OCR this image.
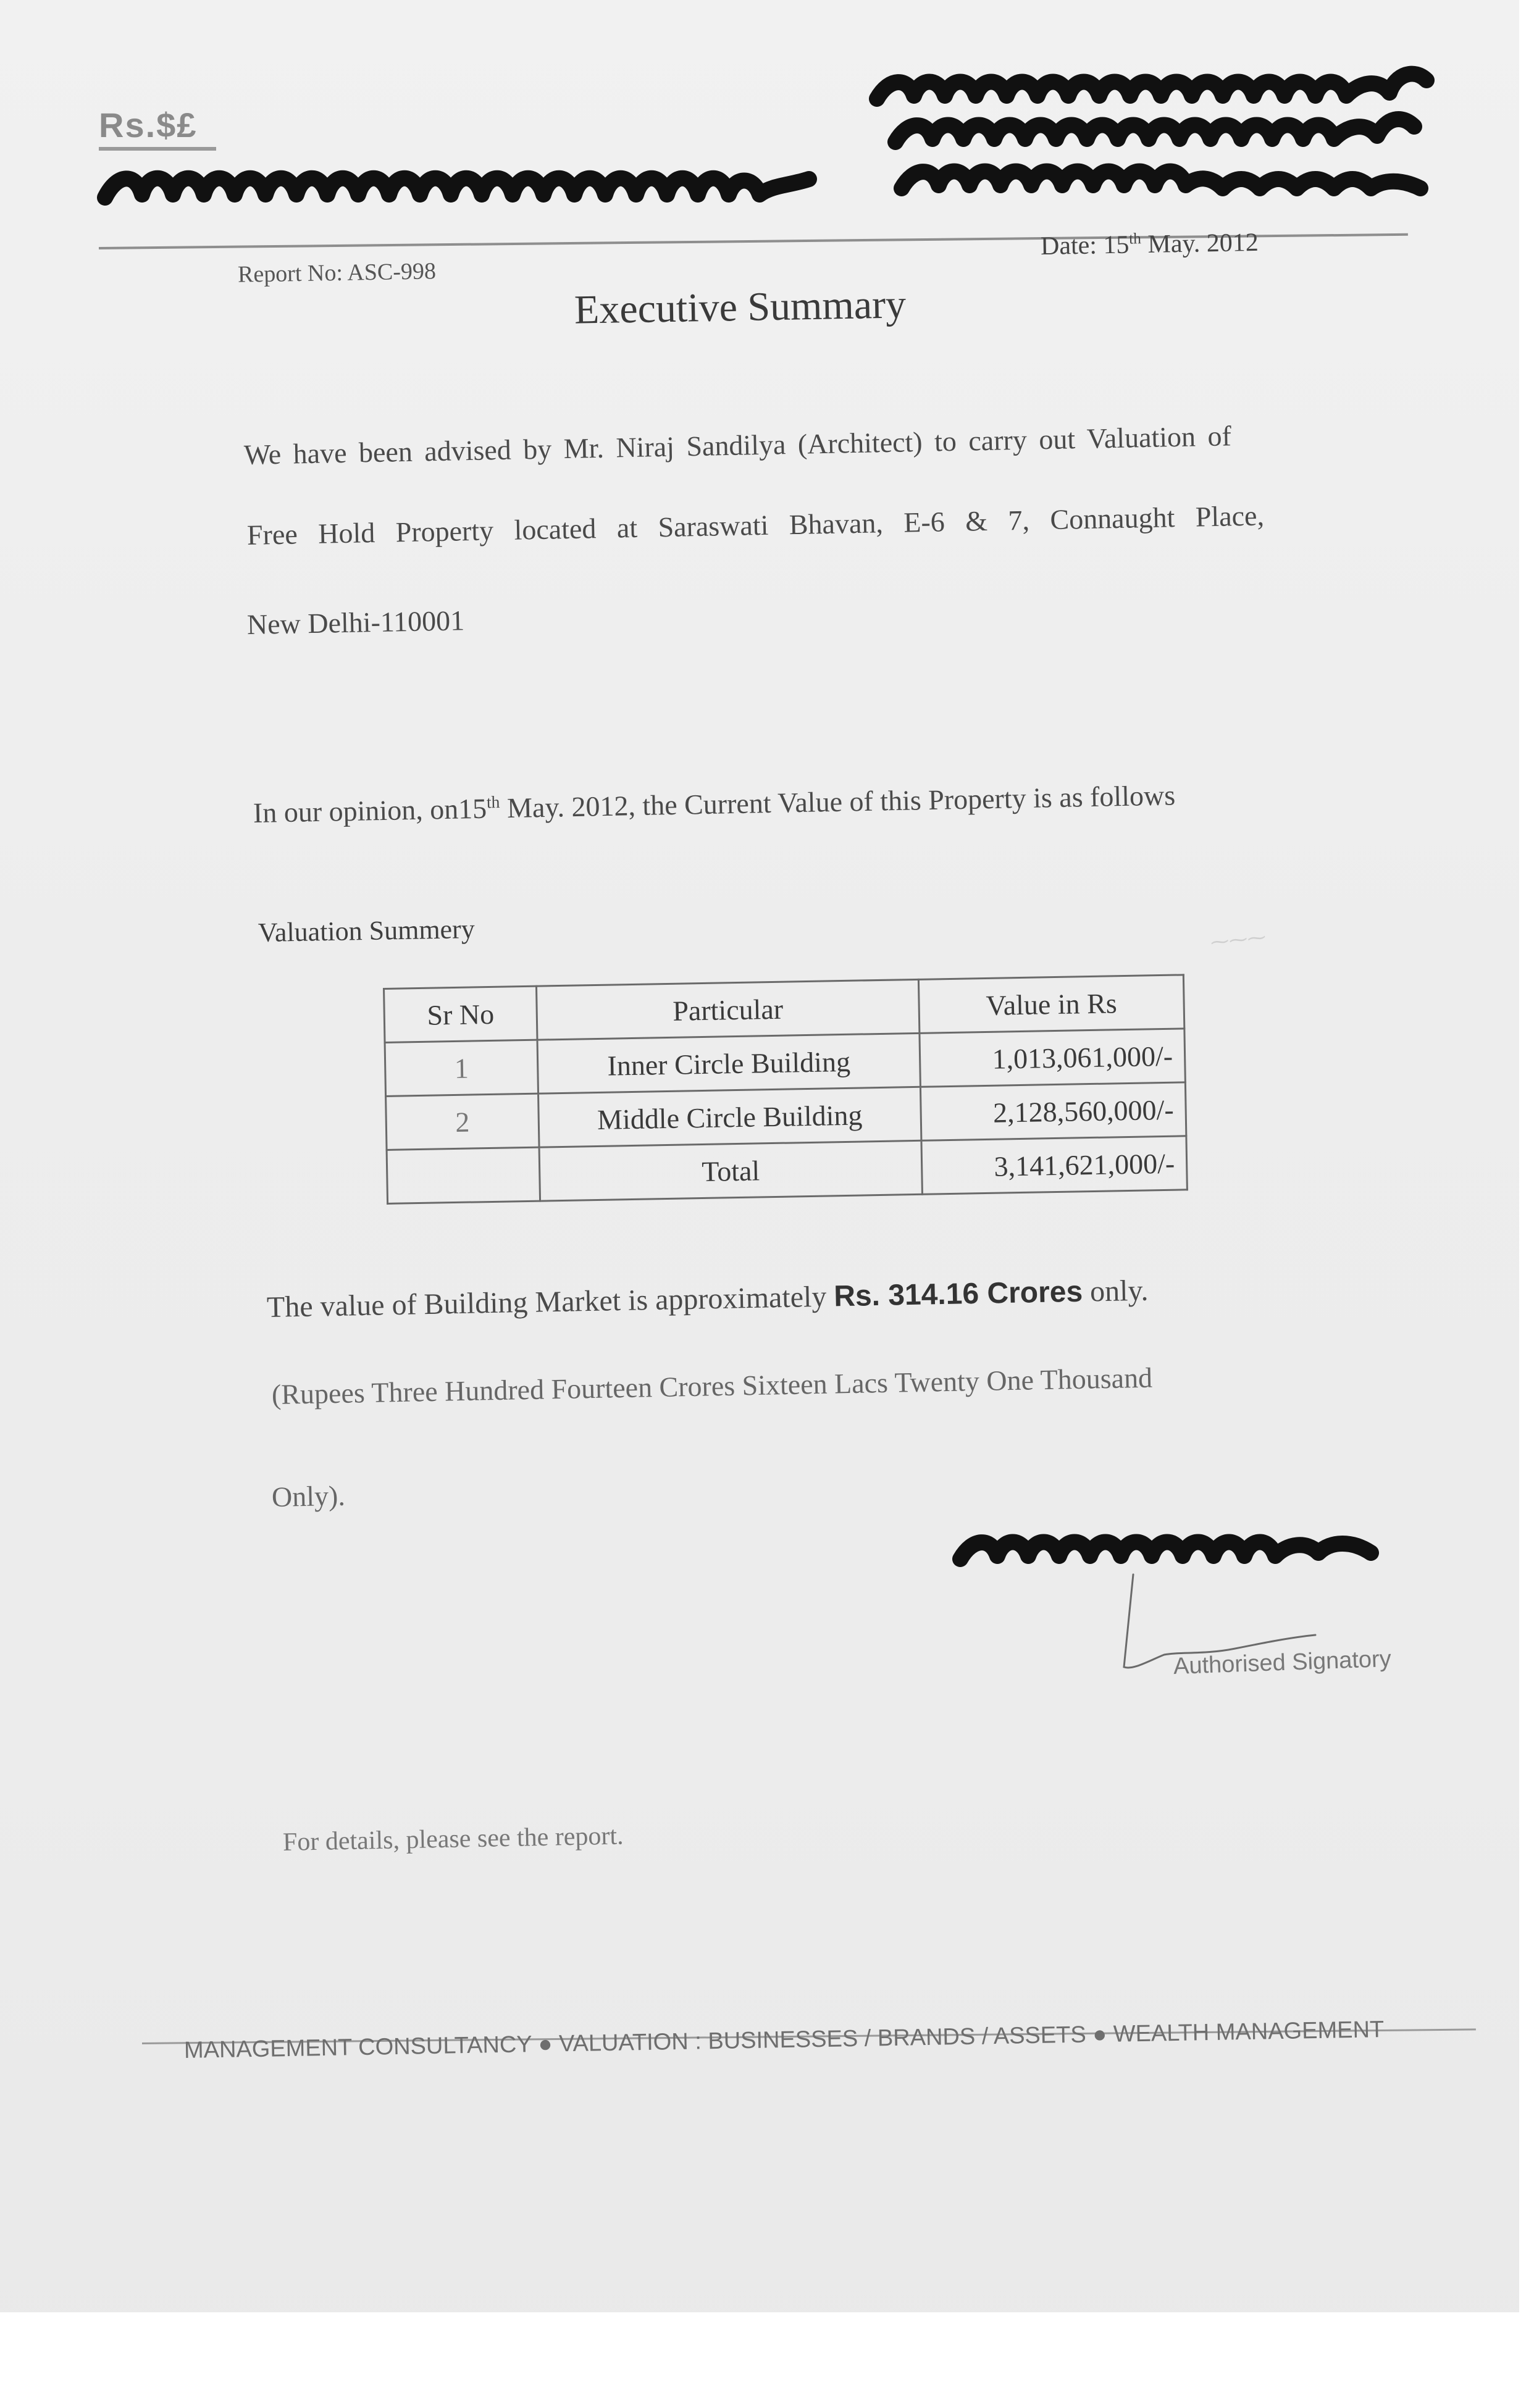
Rs.$£
Report No: ASC-998
Date: 15th May. 2012
Executive Summary
We have been advised by Mr. Niraj Sandilya (Architect) to carry out Valuation of
Free Hold Property located at Saraswati Bhavan, E-6 & 7, Connaught Place,
New Delhi-110001
In our opinion, on15th May. 2012, the Current Value of this Property is as follows
Valuation Summery	⁓⁓⁓
Sr No	Particular	Value in Rs
1	Inner Circle Building	1,013,061,000/-
2	Middle Circle Building	2,128,560,000/-
	Total	3,141,621,000/-
The value of Building Market is approximately Rs. 314.16 Crores only.
(Rupees Three Hundred Fourteen Crores Sixteen Lacs Twenty One Thousand
Only).
Authorised Signatory
For details, please see the report.
MANAGEMENT CONSULTANCY ● VALUATION : BUSINESSES / BRANDS / ASSETS ● WEALTH MANAGEMENT
